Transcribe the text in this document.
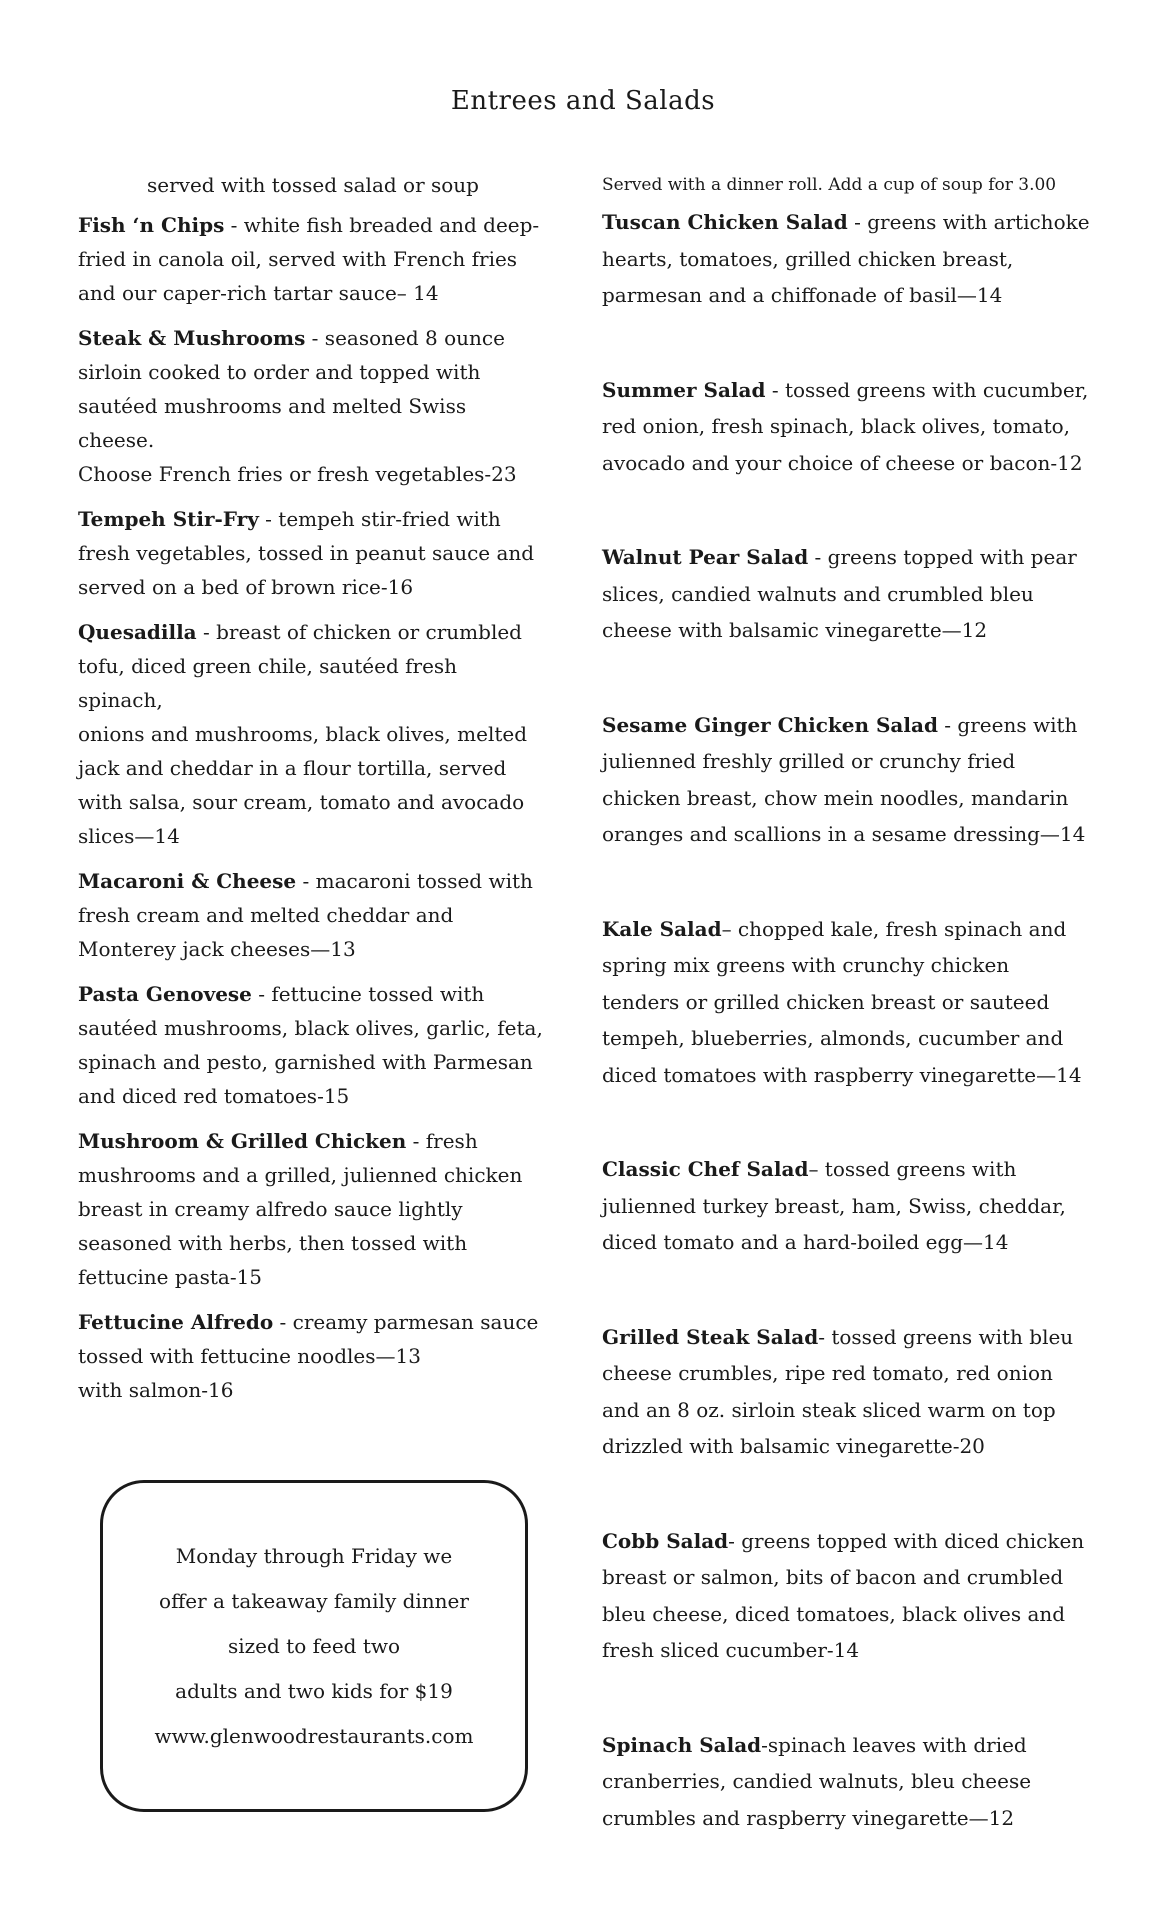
Entrees and Salads
served with tossed salad or soup
Fish ‘n Chips - white fish breaded and deep-
fried in canola oil, served with French fries
and our caper-rich tartar sauce– 14
Steak & Mushrooms - seasoned 8 ounce
sirloin cooked to order and topped with
sautéed mushrooms and melted Swiss cheese.
Choose French fries or fresh vegetables-23
Tempeh Stir-Fry - tempeh stir-fried with
fresh vegetables, tossed in peanut sauce and
served on a bed of brown rice-16
Quesadilla - breast of chicken or crumbled
tofu, diced green chile, sautéed fresh spinach,
onions and mushrooms, black olives, melted
jack and cheddar in a flour tortilla, served
with salsa, sour cream, tomato and avocado
slices—14
Macaroni & Cheese - macaroni tossed with
fresh cream and melted cheddar and
Monterey jack cheeses—13
Pasta Genovese - fettucine tossed with
sautéed mushrooms, black olives, garlic, feta,
spinach and pesto, garnished with Parmesan
and diced red tomatoes-15
Mushroom & Grilled Chicken - fresh
mushrooms and a grilled, julienned chicken
breast in creamy alfredo sauce lightly
seasoned with herbs, then tossed with
fettucine pasta-15
Fettucine Alfredo - creamy parmesan sauce
tossed with fettucine noodles—13
with salmon-16
Served with a dinner roll. Add a cup of soup for 3.00
Tuscan Chicken Salad - greens with artichoke
hearts, tomatoes, grilled chicken breast,
parmesan and a chiffonade of basil—14
Summer Salad - tossed greens with cucumber,
red onion, fresh spinach, black olives, tomato,
avocado and your choice of cheese or bacon-12
Walnut Pear Salad - greens topped with pear
slices, candied walnuts and crumbled bleu
cheese with balsamic vinegarette—12
Sesame Ginger Chicken Salad - greens with
julienned freshly grilled or crunchy fried
chicken breast, chow mein noodles, mandarin
oranges and scallions in a sesame dressing—14
Kale Salad– chopped kale, fresh spinach and
spring mix greens with crunchy chicken
tenders or grilled chicken breast or sauteed
tempeh, blueberries, almonds, cucumber and
diced tomatoes with raspberry vinegarette—14
Classic Chef Salad– tossed greens with
julienned turkey breast, ham, Swiss, cheddar,
diced tomato and a hard-boiled egg—14
Grilled Steak Salad- tossed greens with bleu
cheese crumbles, ripe red tomato, red onion
and an 8 oz. sirloin steak sliced warm on top
drizzled with balsamic vinegarette-20
Cobb Salad- greens topped with diced chicken
breast or salmon, bits of bacon and crumbled
bleu cheese, diced tomatoes, black olives and
fresh sliced cucumber-14
Spinach Salad-spinach leaves with dried
cranberries, candied walnuts, bleu cheese
crumbles and raspberry vinegarette—12
Monday through Friday we
offer a takeaway family dinner
sized to feed two
adults and two kids for $19
www.glenwoodrestaurants.com
